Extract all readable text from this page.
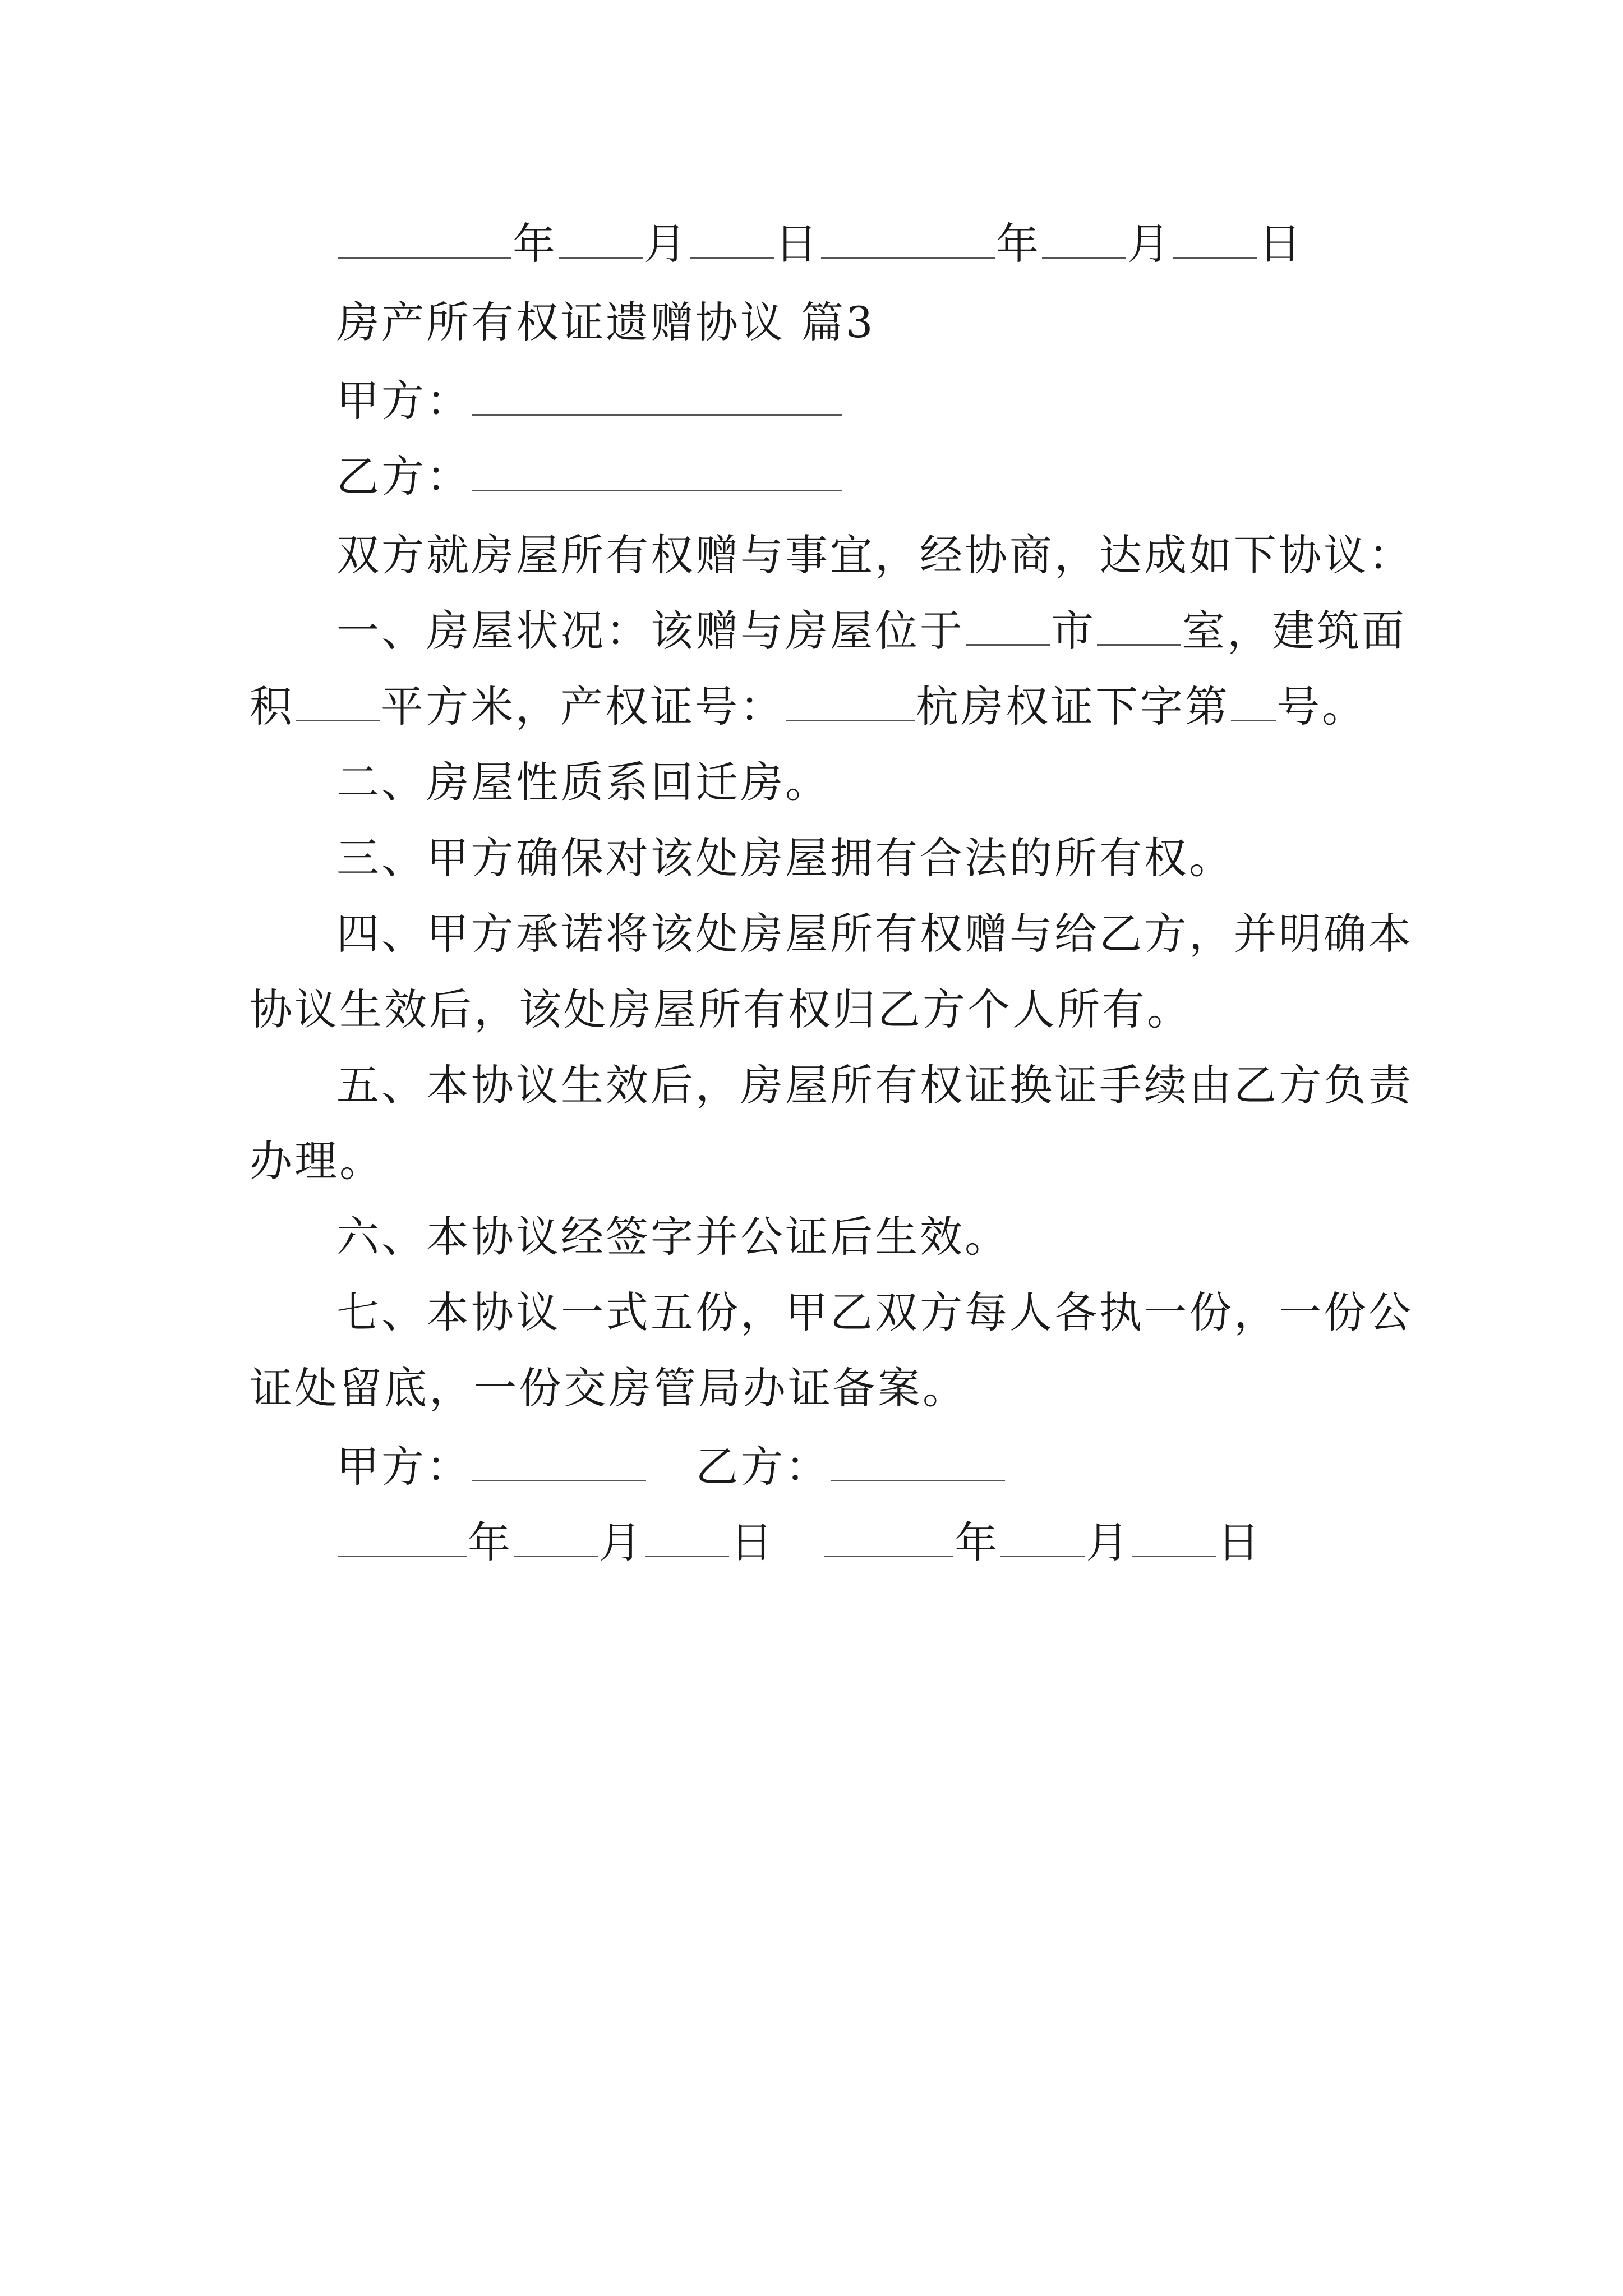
年 月 日	年 月 日
房产所有权证遗赠协议 篇3
甲方：
乙方：
双方就房屋所有权赠与事宜，经协商，达成如下协议：
一、房屋状况：该赠与房屋位于 市 室，建筑面
积 平方米，产权证号：	杭房权证下字第 号。
二、房屋性质系回迁房。
三、甲方确保对该处房屋拥有合法的所有权。
四、甲方承诺将该处房屋所有权赠与给乙方，并明确本
协议生效后，该处房屋所有权归乙方个人所有。
五、本协议生效后，房屋所有权证换证手续由乙方负责
办理。
六、本协议经签字并公证后生效。
七、本协议一式五份，甲乙双方每人各执一份，一份公
证处留底，一份交房管局办证备案。
甲方：	乙方：
年 月 日	年 月 日
